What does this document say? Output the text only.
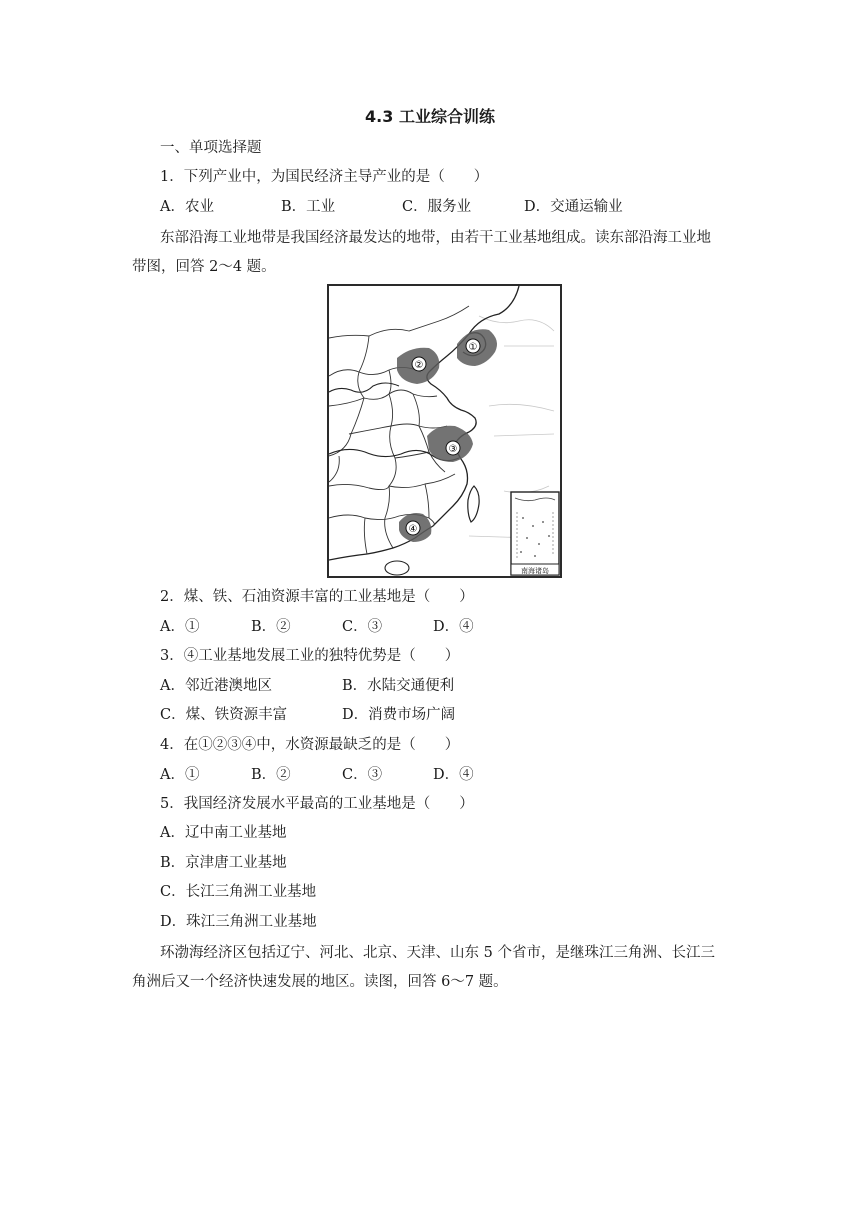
4.3 工业综合训练
一、单项选择题
1．下列产业中，为国民经济主导产业的是（　　）
A．农业	B．工业	C．服务业	D．交通运输业
东部沿海工业地带是我国经济最发达的地带，由若干工业基地组成。读东部沿海工业地
带图，回答 2～4 题。
①
②
③
④
南海诸岛
2．煤、铁、石油资源丰富的工业基地是（　　）
A．①	B．②	C．③	D．④
3．④工业基地发展工业的独特优势是（　　）
A．邻近港澳地区	B．水陆交通便利
C．煤、铁资源丰富	D．消费市场广阔
4．在①②③④中，水资源最缺乏的是（　　）
A．①	B．②	C．③	D．④
5．我国经济发展水平最高的工业基地是（　　）
A．辽中南工业基地
B．京津唐工业基地
C．长江三角洲工业基地
D．珠江三角洲工业基地
环渤海经济区包括辽宁、河北、北京、天津、山东 5 个省市，是继珠江三角洲、长江三
角洲后又一个经济快速发展的地区。读图，回答 6～7 题。
